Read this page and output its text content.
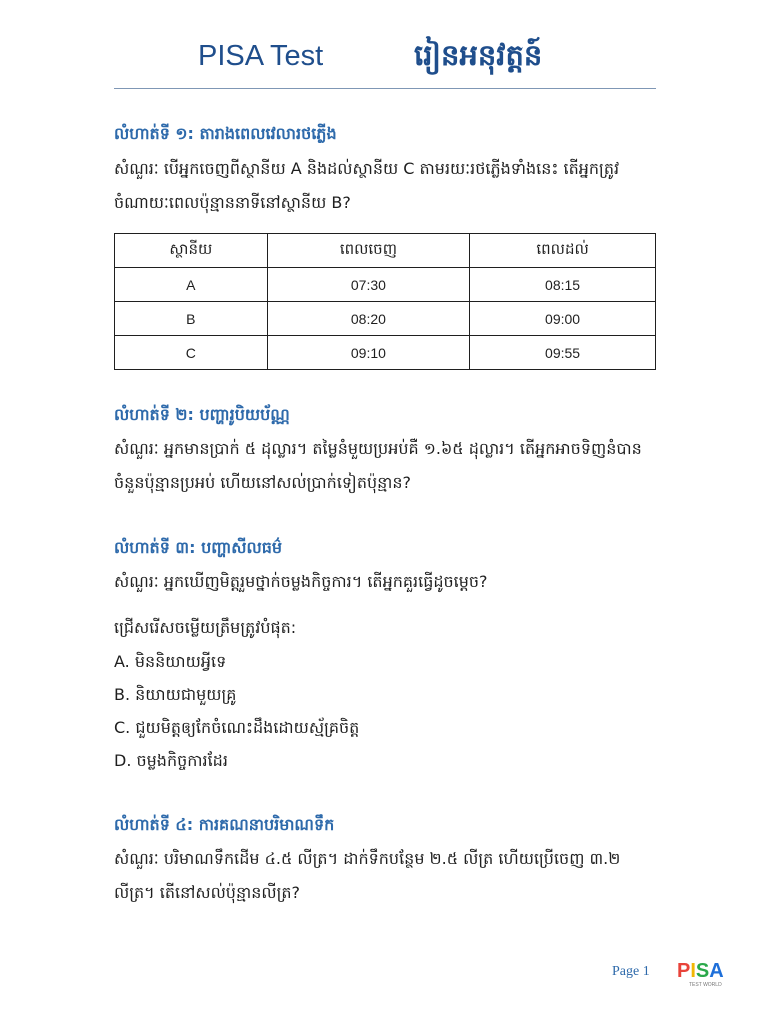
PISA Test	រៀនអនុវត្តន៍
លំហាត់ទី ១: តារាងពេលវេលារថភ្លើង
សំណួរៈ បើអ្នកចេញពីស្ថានីយ A និងដល់ស្ថានីយ C តាមរយៈរថភ្លើងទាំងនេះ តើអ្នកត្រូវចំណាយៈពេលប៉ុន្មាននាទីនៅស្ថានីយ B?
ស្ថានីយ	ពេលចេញ	ពេលដល់
A	07:30	08:15
B	08:20	09:00
C	09:10	09:55
លំហាត់ទី ២: បញ្ហារូបិយប័ណ្ណ
សំណួរៈ អ្នកមានប្រាក់ ៥ ដុល្លារ។ តម្លៃនំមួយប្រអប់គឺ ១.៦៥ ដុល្លារ។ តើអ្នកអាចទិញនំបានចំនួនប៉ុន្មានប្រអប់ ហើយនៅសល់ប្រាក់ទៀតប៉ុន្មាន?
លំហាត់ទី ៣: បញ្ហាសីលធម៌
សំណួរៈ អ្នកឃើញមិត្តរួមថ្នាក់ចម្លងកិច្ចការ។ តើអ្នកគួរធ្វើដូចម្ដេច?
ជ្រើសរើសចម្លើយត្រឹមត្រូវបំផុត:
A. មិននិយាយអ្វីទេ
B. និយាយជាមួយគ្រូ
C. ជួយមិត្តឲ្យកែចំណេះដឹងដោយស្ម័គ្រចិត្ត
D. ចម្លងកិច្ចការដែរ
លំហាត់ទី ៤: ការគណនាបរិមាណទឹក
សំណួរៈ បរិមាណទឹកដើម ៤.៥ លីត្រ។ ដាក់ទឹកបន្ថែម ២.៥ លីត្រ ហើយប្រើចេញ ៣.២ លីត្រ។ តើនៅសល់ប៉ុន្មានលីត្រ?
Page 1 PISA
TEST WORLD
